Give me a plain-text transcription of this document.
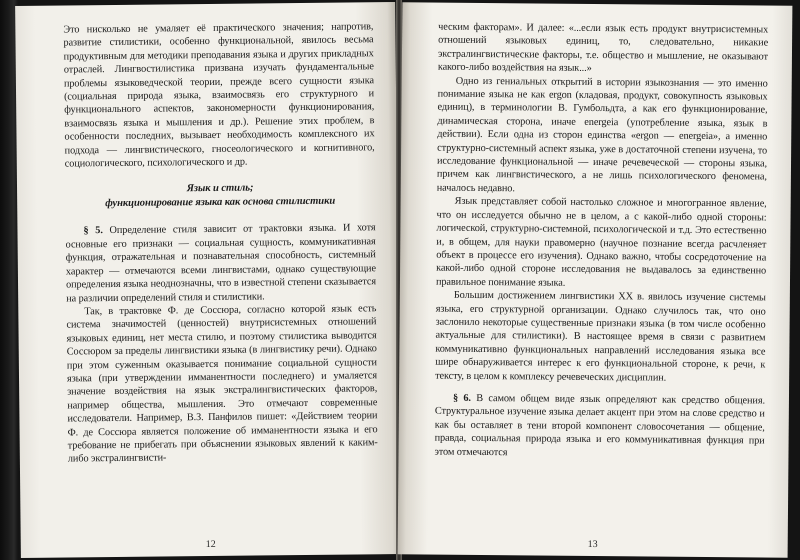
Это нисколько не умаляет её практического значения; напротив, развитие стилистики, особенно функциональной, явилось весьма продуктивным для методики преподавания языка и других прикладных отраслей. Лингвостилистика призвана изучать фундаментальные проблемы языковедческой теории, прежде всего сущности языка (социальная природа языка, взаимосвязь его структурного и функционального аспектов, закономерности функционирования, взаимосвязь языка и мышления и др.). Решение этих проблем, в особенности последних, вызывает необходимость комплексного их подхода — лингвистического, гносеологического и когнитивного, социологического, психологического и др.

Язык и стиль;
функционирование языка как основа стилистики

§ 5. Определение стиля зависит от трактовки языка. И хотя основные его признаки — социальная сущность, коммуникативная функция, отражательная и познавательная способность, системный характер — отмечаются всеми лингвистами, однако существующие определения языка неоднозначны, что в известной степени сказывается на различии определений стиля и стилистики.

Так, в трактовке Ф. де Соссюра, согласно которой язык есть система значимостей (ценностей) внутрисистемных отношений языковых единиц, нет места стилю, и поэтому стилистика выводится Соссюром за пределы лингвистики языка (в лингвистику речи). Однако при этом суженным оказывается понимание социальной сущности языка (при утверждении имманентности последнего) и умаляется значение воздействия на язык экстралингвистических факторов, например общества, мышления. Это отмечают современные исследователи. Например, В.З. Панфилов пишет: «Действием теории Ф. де Соссюра является положение об имманентности языка и его требование не прибегать при объяснении языковых явлений к каким-либо экстралингвисти-

12

ческим факторам». И далее: «...если язык есть продукт внутрисистемных отношений языковых единиц, то, следовательно, никакие экстралингвистические факторы, т.е. общество и мышление, не оказывают какого-либо воздействия на язык...»

Одно из гениальных открытий в истории языкознания — это именно понимание языка не как ergon (кладовая, продукт, совокупность языковых единиц), в терминологии В. Гумбольдта, а как его функционирование, динамическая сторона, иначе energeia (употребление языка, язык в действии). Если одна из сторон единства «ergon — energeia», а именно структурно-системный аспект языка, уже в достаточной степени изучена, то исследование функциональной — иначе речевеческой — стороны языка, причем как лингвистического, а не лишь психологического феномена, началось недавно.

Язык представляет собой настолько сложное и многогранное явление, что он исследуется обычно не в целом, а с какой-либо одной стороны: логической, структурно-системной, психологической и т.д. Это естественно и, в общем, для науки правомерно (научное познание всегда расчленяет объект в процессе его изучения). Однако важно, чтобы сосредоточение на какой-либо одной стороне исследования не выдавалось за единственно правильное понимание языка.

Большим достижением лингвистики XX в. явилось изучение системы языка, его структурной организации. Однако случилось так, что оно заслонило некоторые существенные признаки языка (в том числе особенно актуальные для стилистики). В настоящее время в связи с развитием коммуникативно функциональных направлений исследования языка все шире обнаруживается интерес к его функциональной стороне, к речи, к тексту, в целом к комплексу речевеческих дисциплин.

§ 6. В самом общем виде язык определяют как средство общения. Структуральное изучение языка делает акцент при этом на слове средство и как бы оставляет в тени второй компонент словосочетания — общение, правда, социальная природа языка и его коммуникативная функция при этом отмечаются

13
